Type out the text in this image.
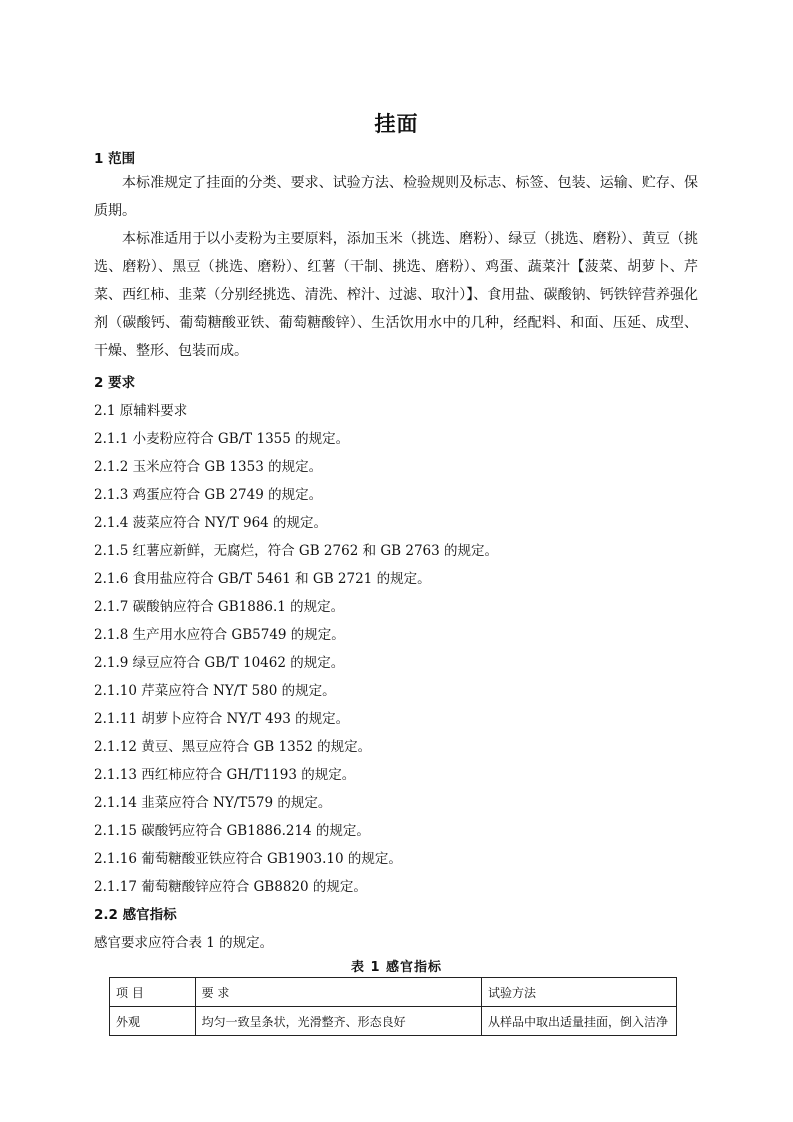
挂面
1 范围

本标准规定了挂面的分类、要求、试验方法、检验规则及标志、标签、包装、运输、贮存、保质期。

本标准适用于以小麦粉为主要原料，添加玉米（挑选、磨粉）、绿豆（挑选、磨粉）、黄豆（挑选、磨粉）、黑豆（挑选、磨粉）、红薯（干制、挑选、磨粉）、鸡蛋、蔬菜汁【菠菜、胡萝卜、芹菜、西红柿、韭菜（分别经挑选、清洗、榨汁、过滤、取汁）】、食用盐、碳酸钠、钙铁锌营养强化剂（碳酸钙、葡萄糖酸亚铁、葡萄糖酸锌）、生活饮用水中的几种，经配料、和面、压延、成型、干燥、整形、包装而成。

2 要求
2.1 原辅料要求
2.1.1 小麦粉应符合 GB/T 1355 的规定。
2.1.2 玉米应符合 GB 1353 的规定。
2.1.3 鸡蛋应符合 GB 2749 的规定。
2.1.4 菠菜应符合 NY/T 964 的规定。
2.1.5 红薯应新鲜，无腐烂，符合 GB 2762 和 GB 2763 的规定。
2.1.6 食用盐应符合 GB/T 5461 和 GB 2721 的规定。
2.1.7 碳酸钠应符合 GB1886.1 的规定。
2.1.8 生产用水应符合 GB5749 的规定。
2.1.9 绿豆应符合 GB/T 10462 的规定。
2.1.10 芹菜应符合 NY/T 580 的规定。
2.1.11 胡萝卜应符合 NY/T 493 的规定。
2.1.12 黄豆、黑豆应符合 GB 1352 的规定。
2.1.13 西红柿应符合 GH/T1193 的规定。
2.1.14 韭菜应符合 NY/T579 的规定。
2.1.15 碳酸钙应符合 GB1886.214 的规定。
2.1.16 葡萄糖酸亚铁应符合 GB1903.10 的规定。
2.1.17 葡萄糖酸锌应符合 GB8820 的规定。
2.2 感官指标
感官要求应符合表 1 的规定。
表 1 感官指标
项 目	要 求	试验方法
外观	均匀一致呈条状，光滑整齐、形态良好	从样品中取出适量挂面，倒入洁净
